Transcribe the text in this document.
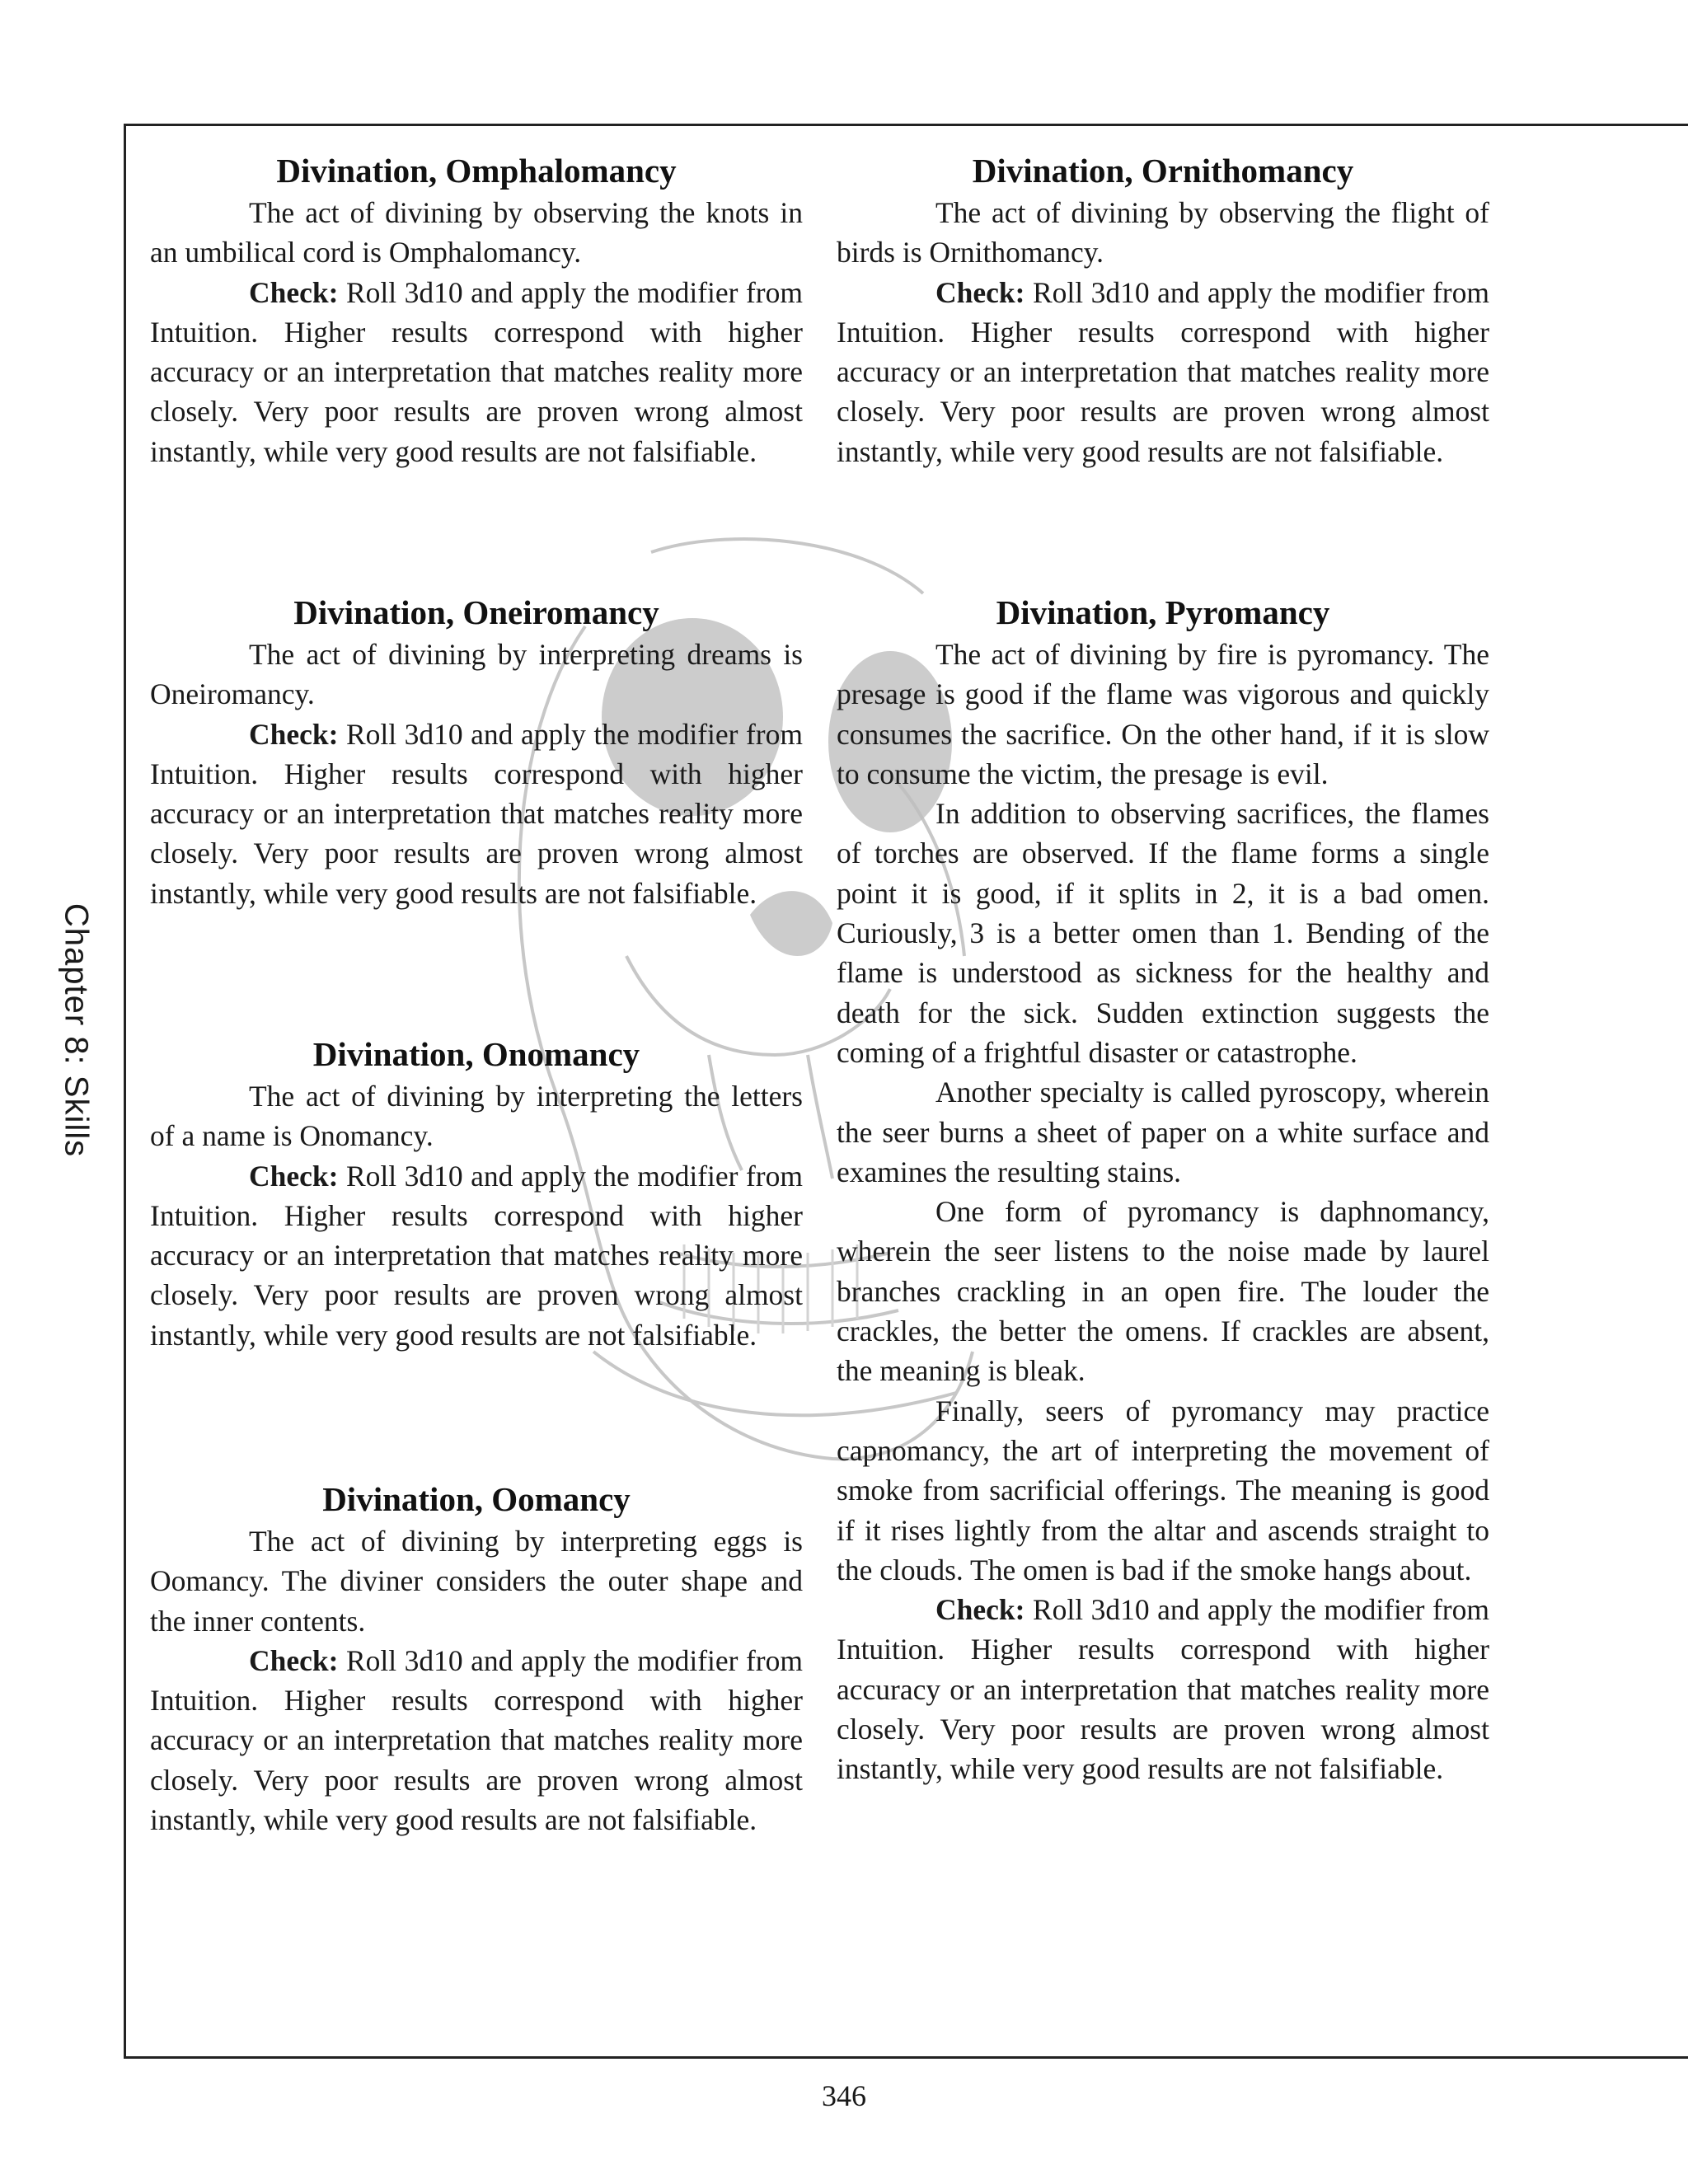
Chapter 8: Skills
Divination, Omphalomancy

The act of divining by observing the knots in an umbilical cord is Omphalomancy.

Check: Roll 3d10 and apply the modifier from Intuition. Higher results correspond with higher accuracy or an interpretation that matches reality more closely. Very poor results are proven wrong almost instantly, while very good results are not falsifiable.

Divination, Oneiromancy

The act of divining by interpreting dreams is Oneiromancy.

Check: Roll 3d10 and apply the modifier from Intuition. Higher results correspond with higher accuracy or an interpretation that matches reality more closely. Very poor results are proven wrong almost instantly, while very good results are not falsifiable.

Divination, Onomancy

The act of divining by interpreting the letters of a name is Onomancy.

Check: Roll 3d10 and apply the modifier from Intuition. Higher results correspond with higher accuracy or an interpretation that matches reality more closely. Very poor results are proven wrong almost instantly, while very good results are not falsifiable.

Divination, Oomancy

The act of divining by interpreting eggs is Oomancy. The diviner considers the outer shape and the inner contents.

Check: Roll 3d10 and apply the modifier from Intuition. Higher results correspond with higher accuracy or an interpretation that matches reality more closely. Very poor results are proven wrong almost instantly, while very good results are not falsifiable.

Divination, Ornithomancy

The act of divining by observing the flight of birds is Ornithomancy.

Check: Roll 3d10 and apply the modifier from Intuition. Higher results correspond with higher accuracy or an interpretation that matches reality more closely. Very poor results are proven wrong almost instantly, while very good results are not falsifiable.

Divination, Pyromancy

The act of divining by fire is pyromancy. The presage is good if the flame was vigorous and quickly consumes the sacrifice. On the other hand, if it is slow to consume the victim, the presage is evil.

In addition to observing sacrifices, the flames of torches are observed. If the flame forms a single point it is good, if it splits in 2, it is a bad omen. Curiously, 3 is a better omen than 1. Bending of the flame is understood as sickness for the healthy and death for the sick. Sudden extinction suggests the coming of a frightful disaster or catastrophe.

Another specialty is called pyroscopy, wherein the seer burns a sheet of paper on a white surface and examines the resulting stains.

One form of pyromancy is daphnomancy, wherein the seer listens to the noise made by laurel branches crackling in an open fire. The louder the crackles, the better the omens. If crackles are absent, the meaning is bleak.

Finally, seers of pyromancy may practice capnomancy, the art of interpreting the movement of smoke from sacrificial offerings. The meaning is good if it rises lightly from the altar and ascends straight to the clouds. The omen is bad if the smoke hangs about.

Check: Roll 3d10 and apply the modifier from Intuition. Higher results correspond with higher accuracy or an interpretation that matches reality more closely. Very poor results are proven wrong almost instantly, while very good results are not falsifiable.

346
